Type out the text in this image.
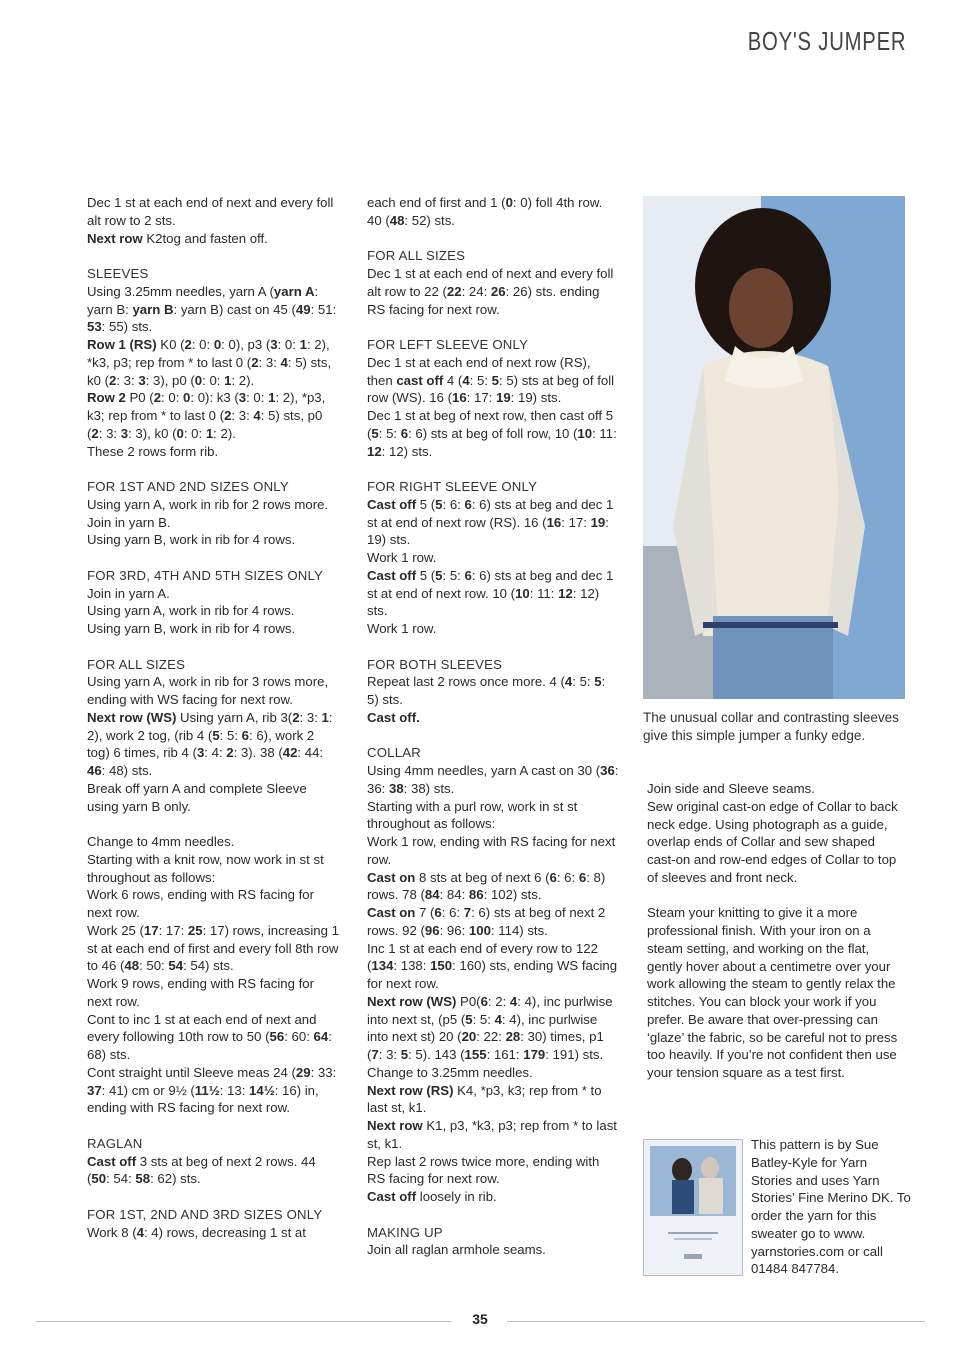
BOY'S JUMPER

Dec 1 st at each end of next and every foll alt row to 2 sts.

Next row K2tog and fasten off.

SLEEVES

Using 3.25mm needles, yarn A (yarn A: yarn B: yarn B: yarn B) cast on 45 (49: 51: 53: 55) sts.

Row 1 (RS) K0 (2: 0: 0: 0), p3 (3: 0: 1: 2), *k3, p3; rep from * to last 0 (2: 3: 4: 5) sts, k0 (2: 3: 3: 3), p0 (0: 0: 1: 2).

Row 2 P0 (2: 0: 0: 0): k3 (3: 0: 1: 2), *p3, k3; rep from * to last 0 (2: 3: 4: 5) sts, p0 (2: 3: 3: 3), k0 (0: 0: 1: 2).

These 2 rows form rib.

FOR 1ST AND 2ND SIZES ONLY

Using yarn A, work in rib for 2 rows more.

Join in yarn B.

Using yarn B, work in rib for 4 rows.

FOR 3RD, 4TH AND 5TH SIZES ONLY

Join in yarn A.

Using yarn A, work in rib for 4 rows.

Using yarn B, work in rib for 4 rows.

FOR ALL SIZES

Using yarn A, work in rib for 3 rows more, ending with WS facing for next row.

Next row (WS) Using yarn A, rib 3(2: 3: 1: 2), work 2 tog, (rib 4 (5: 5: 6: 6), work 2 tog) 6 times, rib 4 (3: 4: 2: 3). 38 (42: 44: 46: 48) sts.

Break off yarn A and complete Sleeve using yarn B only.

Change to 4mm needles.

Starting with a knit row, now work in st st throughout as follows:

Work 6 rows, ending with RS facing for next row.

Work 25 (17: 17: 25: 17) rows, increasing 1 st at each end of first and every foll 8th row to 46 (48: 50: 54: 54) sts.

Work 9 rows, ending with RS facing for next row.

Cont to inc 1 st at each end of next and every following 10th row to 50 (56: 60: 64: 68) sts.

Cont straight until Sleeve meas 24 (29: 33: 37: 41) cm or 9½ (11½: 13: 14½: 16) in, ending with RS facing for next row.

RAGLAN

Cast off 3 sts at beg of next 2 rows. 44 (50: 54: 58: 62) sts.

FOR 1ST, 2ND AND 3RD SIZES ONLY

Work 8 (4: 4) rows, decreasing 1 st at

each end of first and 1 (0: 0) foll 4th row. 40 (48: 52) sts.

FOR ALL SIZES

Dec 1 st at each end of next and every foll alt row to 22 (22: 24: 26: 26) sts. ending RS facing for next row.

FOR LEFT SLEEVE ONLY

Dec 1 st at each end of next row (RS), then cast off 4 (4: 5: 5: 5) sts at beg of foll row (WS). 16 (16: 17: 19: 19) sts.

Dec 1 st at beg of next row, then cast off 5 (5: 5: 6: 6) sts at beg of foll row, 10 (10: 11: 12: 12) sts.

FOR RIGHT SLEEVE ONLY

Cast off 5 (5: 6: 6: 6) sts at beg and dec 1 st at end of next row (RS). 16 (16: 17: 19: 19) sts.

Work 1 row.

Cast off 5 (5: 5: 6: 6) sts at beg and dec 1 st at end of next row. 10 (10: 11: 12: 12) sts.

Work 1 row.

FOR BOTH SLEEVES

Repeat last 2 rows once more. 4 (4: 5: 5: 5) sts.

Cast off.

COLLAR

Using 4mm needles, yarn A cast on 30 (36: 36: 38: 38) sts.

Starting with a purl row, work in st st throughout as follows:

Work 1 row, ending with RS facing for next row.

Cast on 8 sts at beg of next 6 (6: 6: 6: 8) rows. 78 (84: 84: 86: 102) sts.

Cast on 7 (6: 6: 7: 6) sts at beg of next 2 rows. 92 (96: 96: 100: 114) sts.

Inc 1 st at each end of every row to 122 (134: 138: 150: 160) sts, ending WS facing for next row.

Next row (WS) P0(6: 2: 4: 4), inc purlwise into next st, (p5 (5: 5: 4: 4), inc purlwise into next st) 20 (20: 22: 28: 30) times, p1 (7: 3: 5: 5). 143 (155: 161: 179: 191) sts.

Change to 3.25mm needles.

Next row (RS) K4, *p3, k3; rep from * to last st, k1.

Next row K1, p3, *k3, p3; rep from * to last st, k1.

Rep last 2 rows twice more, ending with RS facing for next row.

Cast off loosely in rib.

MAKING UP

Join all raglan armhole seams.

Join side and Sleeve seams.

Sew original cast-on edge of Collar to back neck edge. Using photograph as a guide, overlap ends of Collar and sew shaped cast-on and row-end edges of Collar to top of sleeves and front neck.

Steam your knitting to give it a more professional finish. With your iron on a steam setting, and working on the flat, gently hover about a centimetre over your work allowing the steam to gently relax the stitches. You can block your work if you prefer. Be aware that over-pressing can ‘glaze’ the fabric, so be careful not to press too heavily. If you’re not confident then use your tension square as a test first.

The unusual collar and contrasting sleeves give this simple jumper a funky edge.
This pattern is by Sue Batley-Kyle for Yarn Stories and uses Yarn Stories’ Fine Merino DK. To order the yarn for this sweater go to www. yarnstories.com or call 01484 847784.
35
